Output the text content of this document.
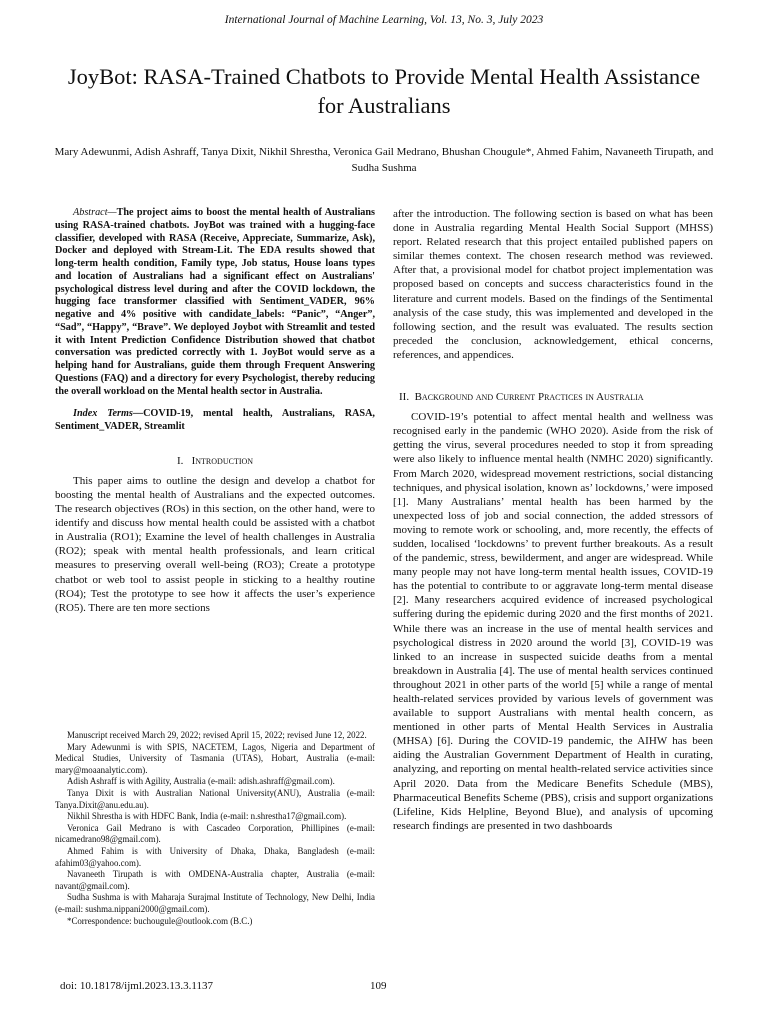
International Journal of Machine Learning, Vol. 13, No. 3, July 2023
JoyBot: RASA-Trained Chatbots to Provide Mental Health Assistance for Australians
Mary Adewunmi, Adish Ashraff, Tanya Dixit, Nikhil Shrestha, Veronica Gail Medrano, Bhushan Chougule*, Ahmed Fahim, Navaneeth Tirupath, and Sudha Sushma

Abstract—The project aims to boost the mental health of Australians using RASA-trained chatbots. JoyBot was trained with a hugging-face classifier, developed with RASA (Receive, Appreciate, Summarize, Ask), Docker and deployed with Stream-Lit. The EDA results showed that long-term health condition, Family type, Job status, House loans types and location of Australians had a significant effect on Australians' psychological distress level during and after the COVID lockdown, the hugging face transformer classified with Sentiment_VADER, 96% negative and 4% positive with candidate_labels: “Panic”, “Anger”, “Sad”, “Happy”, “Brave”. We deployed Joybot with Streamlit and tested it with Intent Prediction Confidence Distribution showed that chatbot conversation was predicted correctly with 1. JoyBot would serve as a helping hand for Australians, guide them through Frequent Answering Questions (FAQ) and a directory for every Psychologist, thereby reducing the overall workload on the Mental health sector in Australia.

Index Terms—COVID-19, mental health, Australians, RASA, Sentiment_VADER, Streamlit

I. Introduction

This paper aims to outline the design and develop a chatbot for boosting the mental health of Australians and the expected outcomes. The research objectives (ROs) in this section, on the other hand, were to identify and discuss how mental health could be assisted with a chatbot in Australia (RO1); Examine the level of health challenges in Australia (RO2); speak with mental health professionals, and learn critical measures to preserving overall well-being (RO3); Create a prototype chatbot or web tool to assist people in sticking to a healthy routine (RO4); Test the prototype to see how it affects the user’s experience (RO5). There are ten more sections

Manuscript received March 29, 2022; revised April 15, 2022; revised June 12, 2022.

Mary Adewunmi is with SPIS, NACETEM, Lagos, Nigeria and Department of Medical Studies, University of Tasmania (UTAS), Hobart, Australia (e-mail: mary@moaanalytic.com).

Adish Ashraff is with Agility, Australia (e-mail: adish.ashraff@gmail.com).

Tanya Dixit is with Australian National University(ANU), Australia (e-mail: Tanya.Dixit@anu.edu.au).

Nikhil Shrestha is with HDFC Bank, India (e-mail: n.shrestha17@gmail.com).

Veronica Gail Medrano is with Cascadeo Corporation, Phillipines (e-mail: nicamedrano98@gmail.com).

Ahmed Fahim is with University of Dhaka, Dhaka, Bangladesh (e-mail: afahim03@yahoo.com).

Navaneeth Tirupath is with OMDENA-Australia chapter, Australia (e-mail: navant@gmail.com).

Sudha Sushma is with Maharaja Surajmal Institute of Technology, New Delhi, India (e-mail: sushma.nippani2000@gmail.com).

*Correspondence: buchougule@outlook.com (B.C.)

after the introduction. The following section is based on what has been done in Australia regarding Mental Health Social Support (MHSS) report. Related research that this project entailed published papers on similar themes context. The chosen research method was reviewed. After that, a provisional model for chatbot project implementation was proposed based on concepts and success characteristics found in the literature and current models. Based on the findings of the Sentimental analysis of the case study, this was implemented and developed in the following section, and the result was evaluated. The results section preceded the conclusion, acknowledgement, ethical concerns, references, and appendices.

II. Background and Current Practices in Australia

COVID-19’s potential to affect mental health and wellness was recognised early in the pandemic (WHO 2020). Aside from the risk of getting the virus, several procedures needed to stop it from spreading were also likely to influence mental health (NMHC 2020) significantly. From March 2020, widespread movement restrictions, social distancing techniques, and physical isolation, known as’ lockdowns,’ were imposed [1]. Many Australians’ mental health has been harmed by the unexpected loss of job and social connection, the added stressors of moving to remote work or schooling, and, more recently, the effects of sudden, localised ‘lockdowns’ to prevent further breakouts. As a result of the pandemic, stress, bewilderment, and anger are widespread. While many people may not have long-term mental health issues, COVID-19 has the potential to contribute to or aggravate long-term mental disease [2]. Many researchers acquired evidence of increased psychological suffering during the epidemic during 2020 and the first months of 2021. While there was an increase in the use of mental health services and psychological distress in 2020 around the world [3], COVID-19 was linked to an increase in suspected suicide deaths from a mental breakdown in Australia [4]. The use of mental health services continued throughout 2021 in other parts of the world [5] while a range of mental health-related services provided by various levels of government was available to support Australians with mental health concern, as mentioned in other parts of Mental Health Services in Australia (MHSA) [6]. During the COVID-19 pandemic, the AIHW has been aiding the Australian Government Department of Health in curating, analyzing, and reporting on mental health-related service activities since April 2020. Data from the Medicare Benefits Schedule (MBS), Pharmaceutical Benefits Scheme (PBS), crisis and support organizations (Lifeline, Kids Helpline, Beyond Blue), and analysis of upcoming research findings are presented in two dashboards

doi: 10.18178/ijml.2023.13.3.1137	109
